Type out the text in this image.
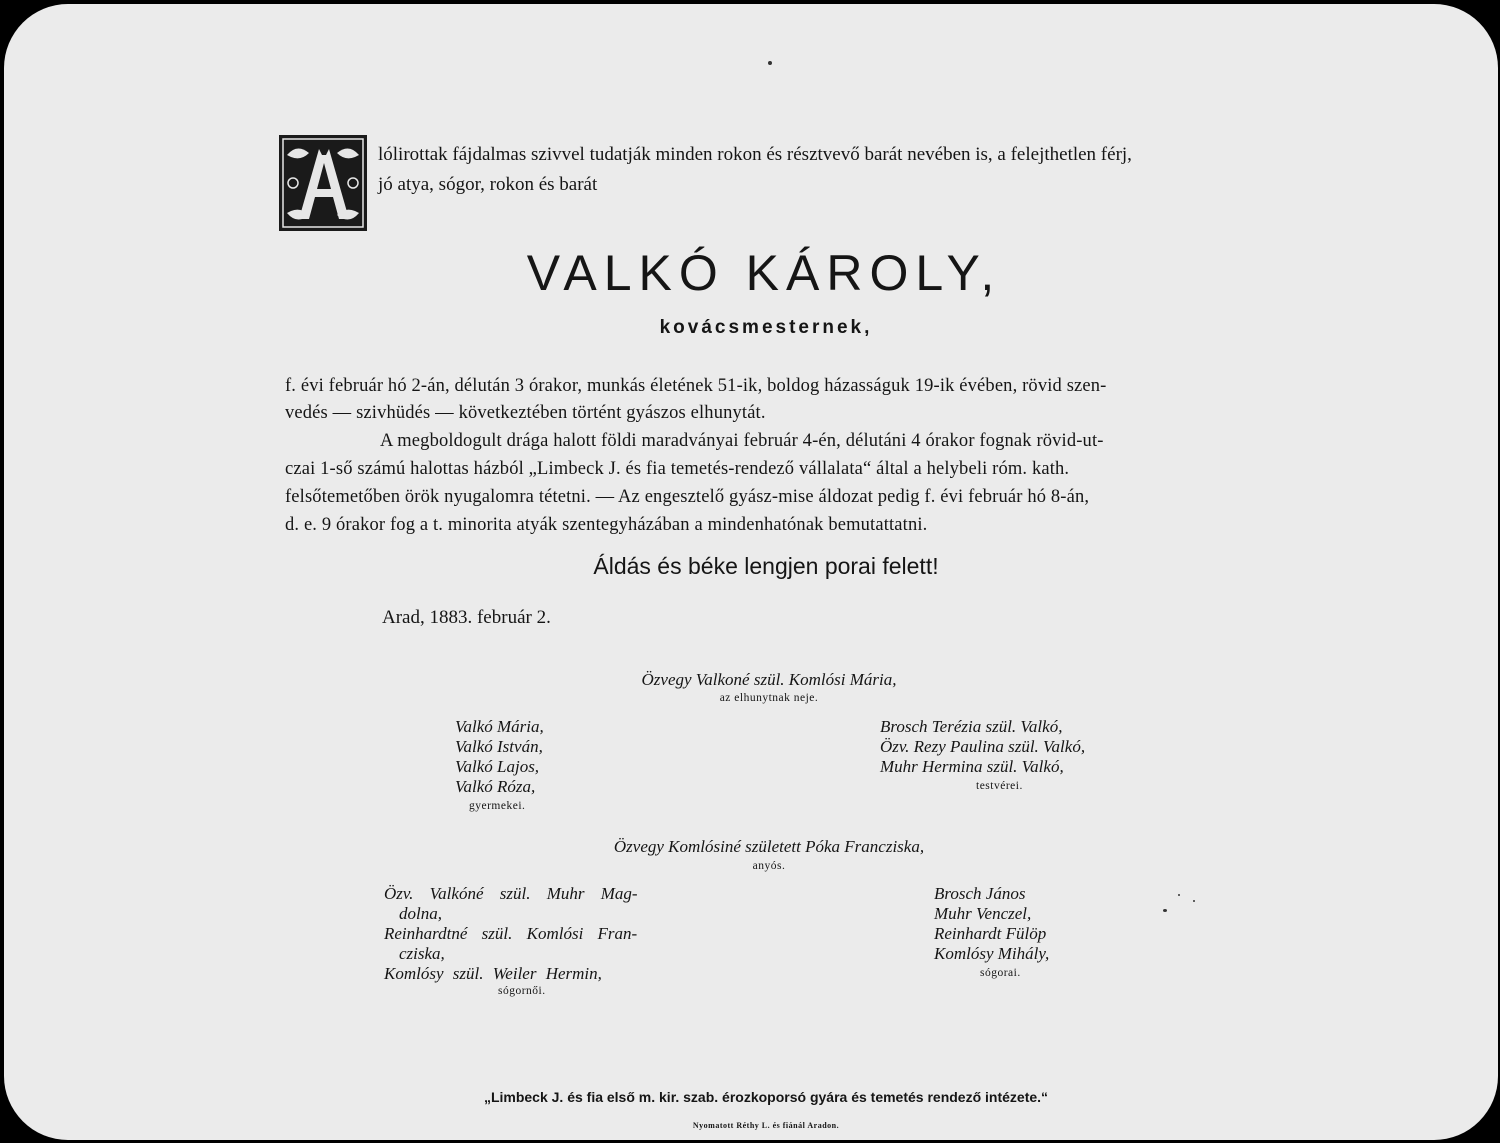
lólirottak fájdalmas szivvel tudatják minden rokon és résztvevő barát nevében is, a felejthetlen férj,
jó atya, sógor, rokon és barát
VALKÓ KÁROLY,
kovácsmesternek,
f. évi február hó 2-án, délután 3 órakor, munkás életének 51-ik, boldog házasságuk 19-ik évében, rövid szen-
vedés — szivhüdés — következtében történt gyászos elhunytát.
A megboldogult drága halott földi maradványai február 4-én, délutáni 4 órakor fognak rövid-ut-
czai 1-ső számú halottas házból „Limbeck J. és fia temetés-rendező vállalata“ által a helybeli róm. kath.
felsőtemetőben örök nyugalomra tétetni. — Az engesztelő gyász-mise áldozat pedig f. évi február hó 8-án,
d. e. 9 órakor fog a t. minorita atyák szentegyházában a mindenhatónak bemutattatni.
Áldás és béke lengjen porai felett!
Arad, 1883. február 2.
Özvegy Valkoné szül. Komlósi Mária,
az elhunytnak neje.
Valkó Mária,
Valkó István,
Valkó Lajos,
Valkó Róza,
gyermekei.
Brosch Terézia szül. Valkó,
Özv. Rezy Paulina szül. Valkó,
Muhr Hermina szül. Valkó,
testvérei.
Özvegy Komlósiné született Póka Francziska,
anyós.
Özv. Valkóné szül. Muhr Mag-
dolna,
Reinhardtné szül. Komlósi Fran-
cziska,
Komlósy szül. Weiler Hermin,
sógornői.
Brosch János
Muhr Venczel,
Reinhardt Fülöp
Komlósy Mihály,
sógorai.
„Limbeck J. és fia első m. kir. szab. érozkoporsó gyára és temetés rendező intézete.“
Nyomatott Réthy L. és fiánál Aradon.
